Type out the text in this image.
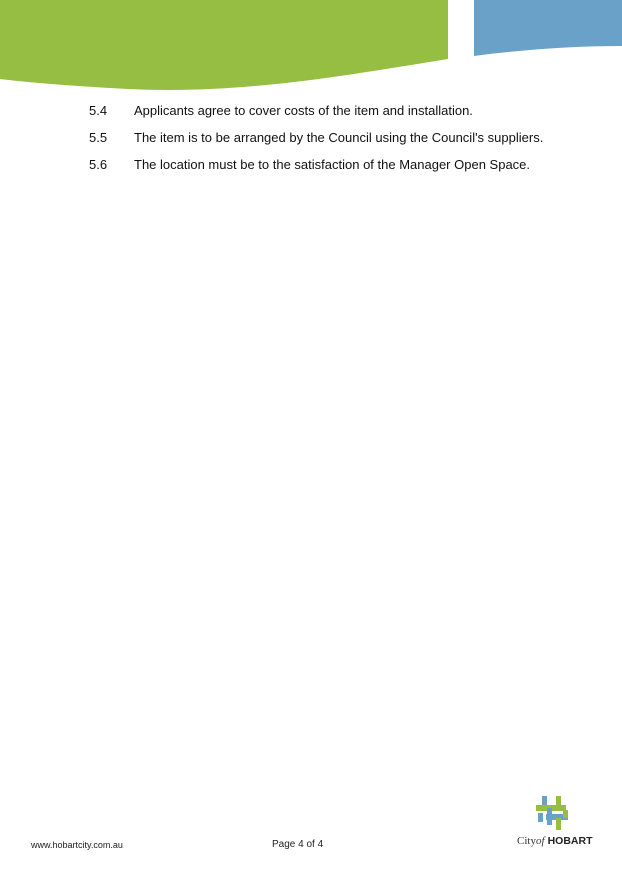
5.4 Applicants agree to cover costs of the item and installation.
5.5 The item is to be arranged by the Council using the Council's suppliers.
5.6 The location must be to the satisfaction of the Manager Open Space.
www.hobartcity.com.au	Page 4 of 4	Cityof HOBART
